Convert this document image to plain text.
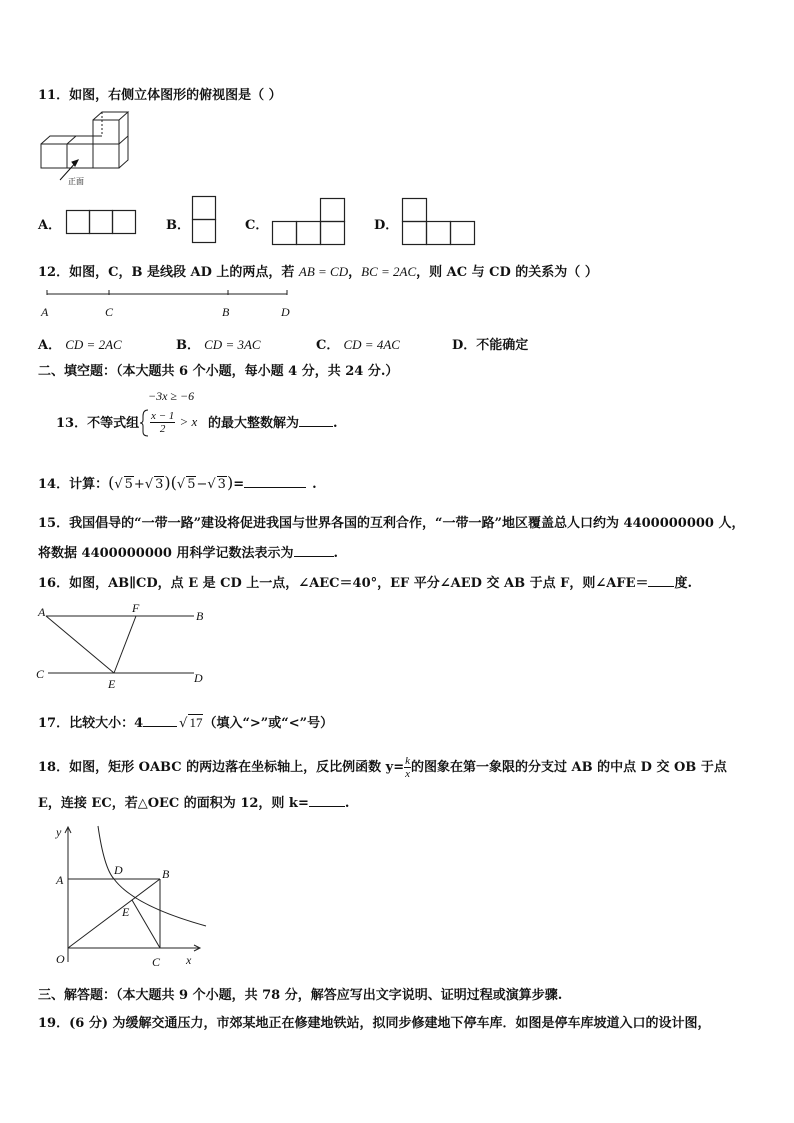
11．如图，右侧立体图形的俯视图是（ ）
正面
A．	B．	C．	D．
12．如图，C，B 是线段 AD 上的两点，若 AB = CD，BC = 2AC，则 AC 与 CD 的关系为（ ）
A	C	B	D
A． CD = 2AC	B． CD = 3AC	C． CD = 4AC	D．不能确定
二、填空题：（本大题共 6 个小题，每小题 4 分，共 24 分.）
13．不等式组
−3x ≥ −6
$\frac{x - 1}{2} > x$ 的最大整数解为	.
14．计算：(√ 5+√ 3)(√ 5−√ 3)=	.
15．我国倡导的“一带一路”建设将促进我国与世界各国的互利合作，“一带一路”地区覆盖总人口约为 4400000000 人，
将数据 4400000000 用科学记数法表示为	.
16．如图，AB∥CD，点 E 是 CD 上一点，∠AEC＝40°，EF 平分∠AED 交 AB 于点 F，则∠AFE＝ 度.
A	F
B
C
E	D
17．比较大小：4	√ 17（填入“>”或“<”号）
18．如图，矩形 OABC 的两边落在坐标轴上，反比例函数 $y= \frac{k}{x}$ 的图象在第一象限的分支过 AB 的中点 D 交 OB 于点
E，连接 EC，若△OEC 的面积为 12，则 k=	.
y
A
D	B
E
O	C x
三、解答题：（本大题共 9 个小题，共 78 分，解答应写出文字说明、证明过程或演算步骤.
19．(6 分) 为缓解交通压力，市郊某地正在修建地铁站，拟同步修建地下停车库．如图是停车库坡道入口的设计图，
